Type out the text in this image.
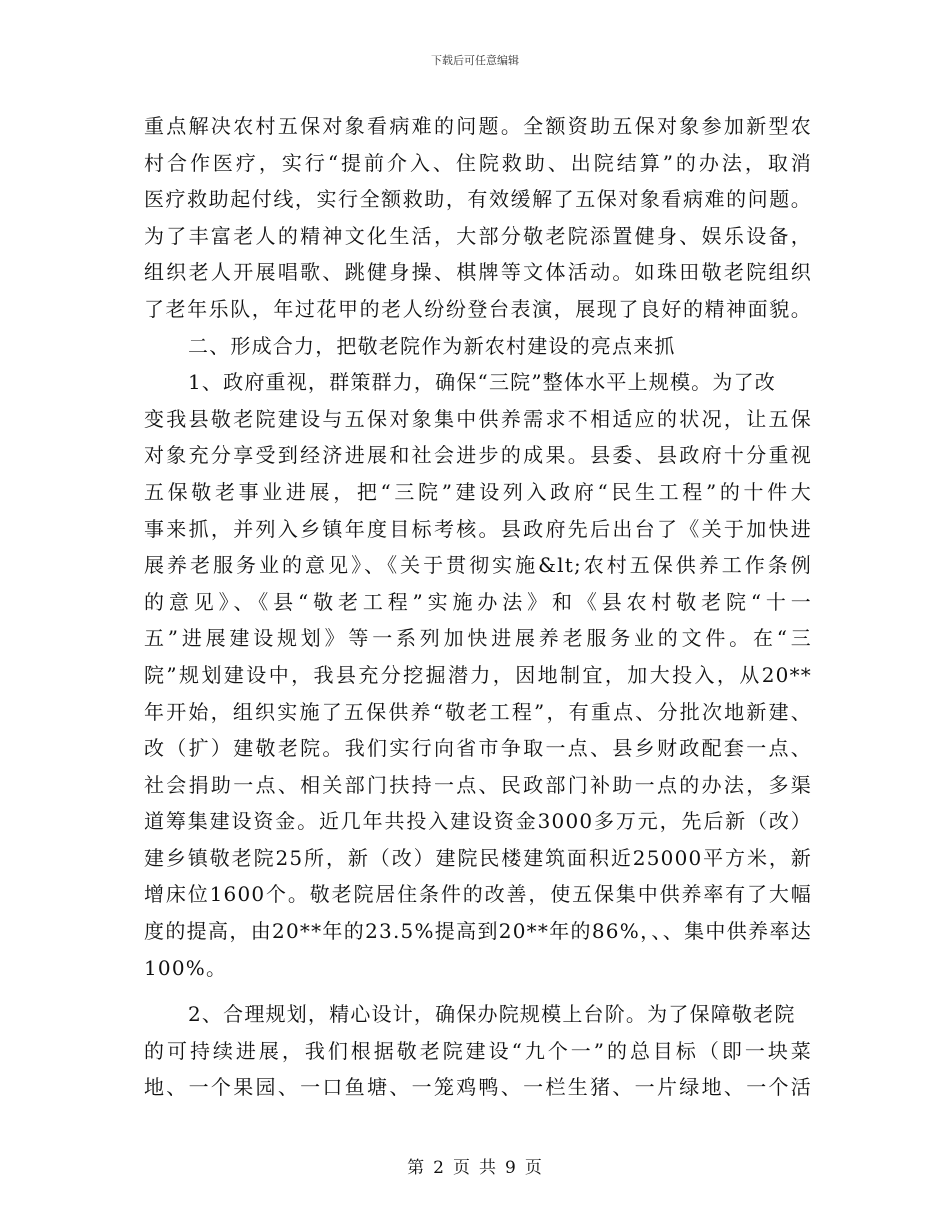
下载后可任意编辑
重点解决农村五保对象看病难的问题。全额资助五保对象参加新型农
村合作医疗，实行“提前介入、住院救助、出院结算”的办法，取消
医疗救助起付线，实行全额救助，有效缓解了五保对象看病难的问题。
为了丰富老人的精神文化生活，大部分敬老院添置健身、娱乐设备，
组织老人开展唱歌、跳健身操、棋牌等文体活动。如珠田敬老院组织
了老年乐队，年过花甲的老人纷纷登台表演，展现了良好的精神面貌。
二、形成合力，把敬老院作为新农村建设的亮点来抓
1、政府重视，群策群力，确保“三院”整体水平上规模。为了改
变我县敬老院建设与五保对象集中供养需求不相适应的状况，让五保
对象充分享受到经济进展和社会进步的成果。县委、县政府十分重视
五保敬老事业进展，把“三院”建设列入政府“民生工程”的十件大
事来抓，并列入乡镇年度目标考核。县政府先后出台了《关于加快进
展养老服务业的意见》、《关于贯彻实施&lt;农村五保供养工作条例
的意见》、《县“敬老工程”实施办法》和《县农村敬老院“十一
五”进展建设规划》等一系列加快进展养老服务业的文件。在“三
院”规划建设中，我县充分挖掘潜力，因地制宜，加大投入，从20**
年开始，组织实施了五保供养“敬老工程”，有重点、分批次地新建、
改（扩）建敬老院。我们实行向省市争取一点、县乡财政配套一点、
社会捐助一点、相关部门扶持一点、民政部门补助一点的办法，多渠
道筹集建设资金。近几年共投入建设资金3000多万元，先后新（改）
建乡镇敬老院25所，新（改）建院民楼建筑面积近25000平方米，新
增床位1600个。敬老院居住条件的改善，使五保集中供养率有了大幅
度的提高，由20**年的23.5%提高到20**年的86%，、、集中供养率达
100%。
2、合理规划，精心设计，确保办院规模上台阶。为了保障敬老院
的可持续进展，我们根据敬老院建设“九个一”的总目标（即一块菜
地、一个果园、一口鱼塘、一笼鸡鸭、一栏生猪、一片绿地、一个活
第 2 页 共 9 页
